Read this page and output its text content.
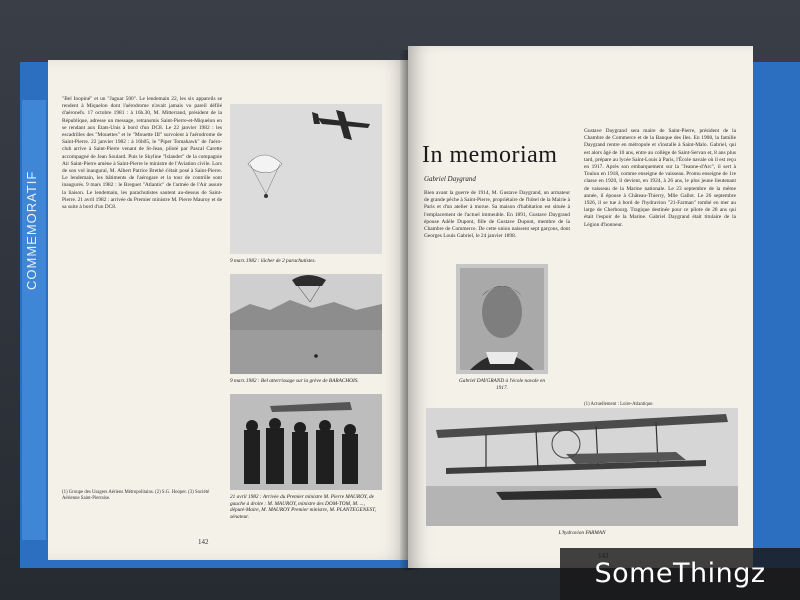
COMMEMORATIF
"Bel Inopiné" et un "Jaguar 500". Le lendemain 22, les six appareils se rendent à Miquelon dont l'aérodrome n'avait jamais vu pareil défilé d'aéronefs. 17 octobre 1981 : à 16h.30, M. Mitterrand, président de la République, adresse un message, retransmis Saint-Pierre-et-Miquelon en se rendant aux Etats-Unis à bord d'un DC8. Le 22 janvier 1982 : les escadrilles des "Mouettes" et le "Mouette III" survolent à l'aérodrome de Saint-Pierre. 22 janvier 1982 : à 16h05, le "Piper Tomahawk" de l'aéro-club arrive à Saint-Pierre venant de St-Jean, piloté par Pascal Carette accompagné de Jean Soulard. Puis le Skyline "Islander" de la compagnie Air Saint-Pierre amène à Saint-Pierre le ministre de l'Aviation civile. Lors de son vol inaugural, M. Albert Patrice Brethé s'était posé à Saint-Pierre. Le lendemain, les bâtiments de l'aérogare et la tour de contrôle sont inaugurés. 9 mars 1982 : le Breguet "Atlantic" de l'armée de l'Air assure la liaison. Le lendemain, les parachutistes sautent au-dessus de Saint-Pierre. 21 avril 1982 : arrivée du Premier ministre M. Pierre Mauroy et de sa suite à bord d'un DC8.
9 mars 1982 : lâcher de 2 parachutistes.
9 mars 1982 : Bel atterrissage sur la grève de BARACHOIS.
21 avril 1982 : Arrivée du Premier ministre M. Pierre MAUROY, de gauche à droite : M. MAUROY, ministre des DOM-TOM, M. ..., député-Maire, M. MAUROY Premier ministre, M. PLANTEGENEST, sénateur.
(1) Groupe des Usagers Aériens Métropolitains. (2) S.G. Hooper. (3) Société Aérienne Saint-Pierraise.
142
In memoriam
Gabriel Daygrand
Bien avant la guerre de 1914, M. Gustave Daygrand, un armateur de grande pêche à Saint-Pierre, propriétaire de l'hôtel de la Mairie à Paris et d'un atelier à morue. Sa maison d'habitation est située à l'emplacement de l'actuel immeuble. En 1891, Gustave Daygrand épouse Adèle Dupont, fille de Gustave Dupont, membre de la Chambre de Commerce. De cette union naissent sept garçons, dont Georges Louis Gabriel, le 24 janvier 1898.
Gabriel DAYGRAND à l'école navale en 1917.
Gustave Daygrand sera maire de Saint-Pierre, président de la Chambre de Commerce et de la Banque des Iles. En 1908, la famille Daygrand rentre en métropole et s'installe à Saint-Malo. Gabriel, qui est alors âgé de 10 ans, entre au collège de Saint-Servan et, 8 ans plus tard, prépare au lycée Saint-Louis à Paris, l'École navale où il est reçu en 1917. Après son embarquement sur la "Jeanne-d'Arc", il sert à Toulon en 1918, comme enseigne de vaisseau. Promu enseigne de 1re classe en 1920, il devient, en 1924, à 26 ans, le plus jeune lieutenant de vaisseau de la Marine nationale. Le 23 septembre de la même année, il épouse à Château-Thierry, Mlle Gallot. Le 26 septembre 1926, il se tue à bord de l'hydravion "21-Farman" tombé en mer au large de Cherbourg. Tragique destinée pour ce pilote de 28 ans qui était l'espoir de la Marine. Gabriel Daygrand était titulaire de la Légion d'honneur.
(1) Actuellement : Loire-Atlantique.
L'hydravion FARMAN
SomeThingz
